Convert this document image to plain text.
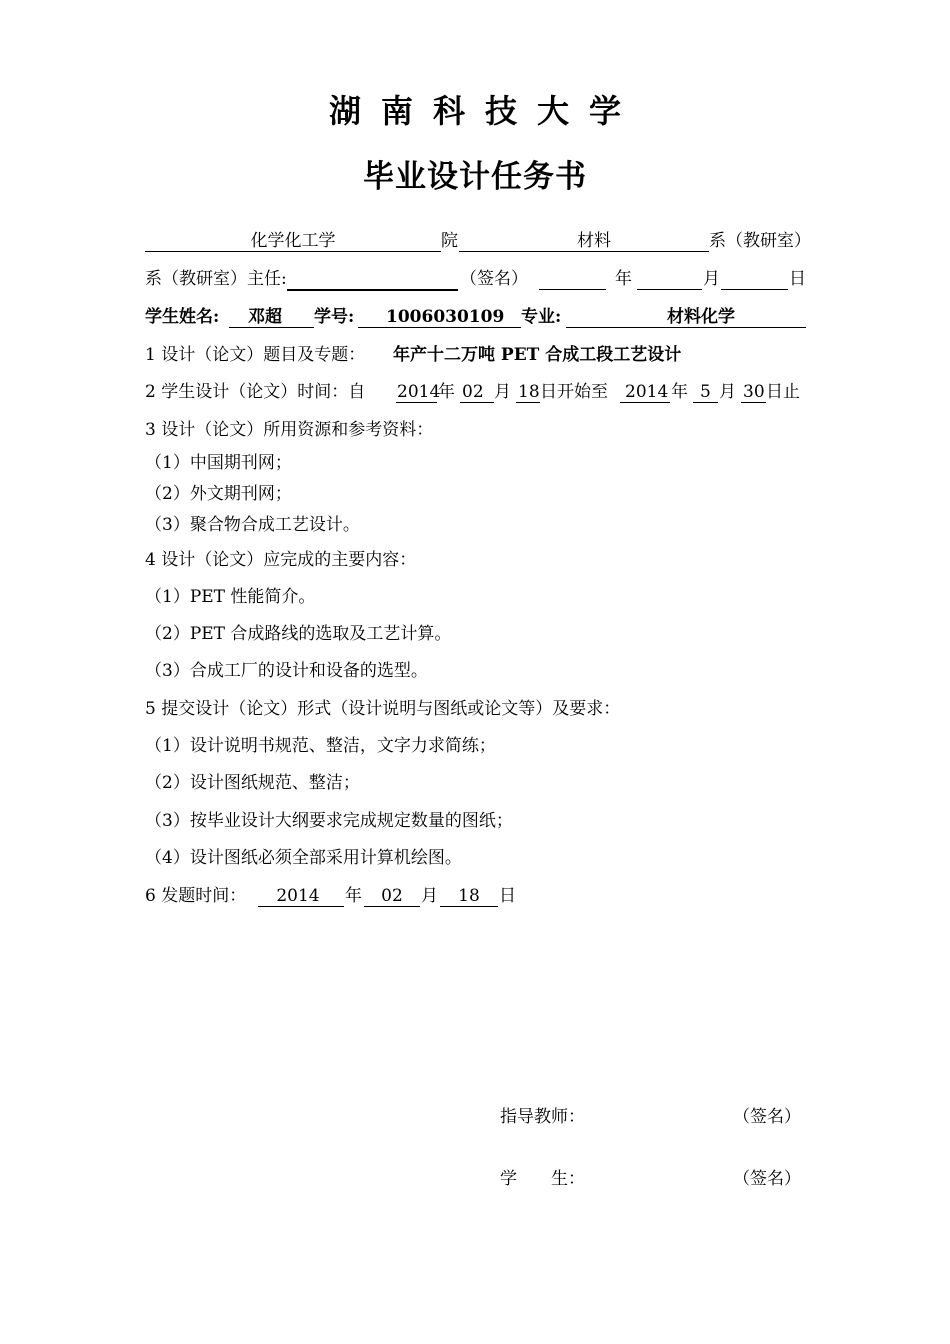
湖南科技大学
毕业设计任务书
化学化工学	院	材料	系（教研室）
系（教研室）主任:	（签名）	年	月	日
学生姓名:	邓超	学号: 1006030109 专业:	材料化学
1 设计（论文）题目及专题： 年产十二万吨 PET 合成工段工艺设计
2 学生设计（论文）时间：自 2014
年 02 月 18 日开始至 2014 年 5 月 30 日止
3 设计（论文）所用资源和参考资料：
（1）中国期刊网；
（2）外文期刊网；
（3）聚合物合成工艺设计。
4 设计（论文）应完成的主要内容：
（1）PET 性能简介。
（2）PET 合成路线的选取及工艺计算。
（3）合成工厂的设计和设备的选型。
5 提交设计（论文）形式（设计说明与图纸或论文等）及要求：
（1）设计说明书规范、整洁，文字力求简练；
（2）设计图纸规范、整洁；
（3）按毕业设计大纲要求完成规定数量的图纸；
（4）设计图纸必须全部采用计算机绘图。
6 发题时间：	2014	年	02	月	18	日
指导教师：	（签名）
学　　生：	（签名）
